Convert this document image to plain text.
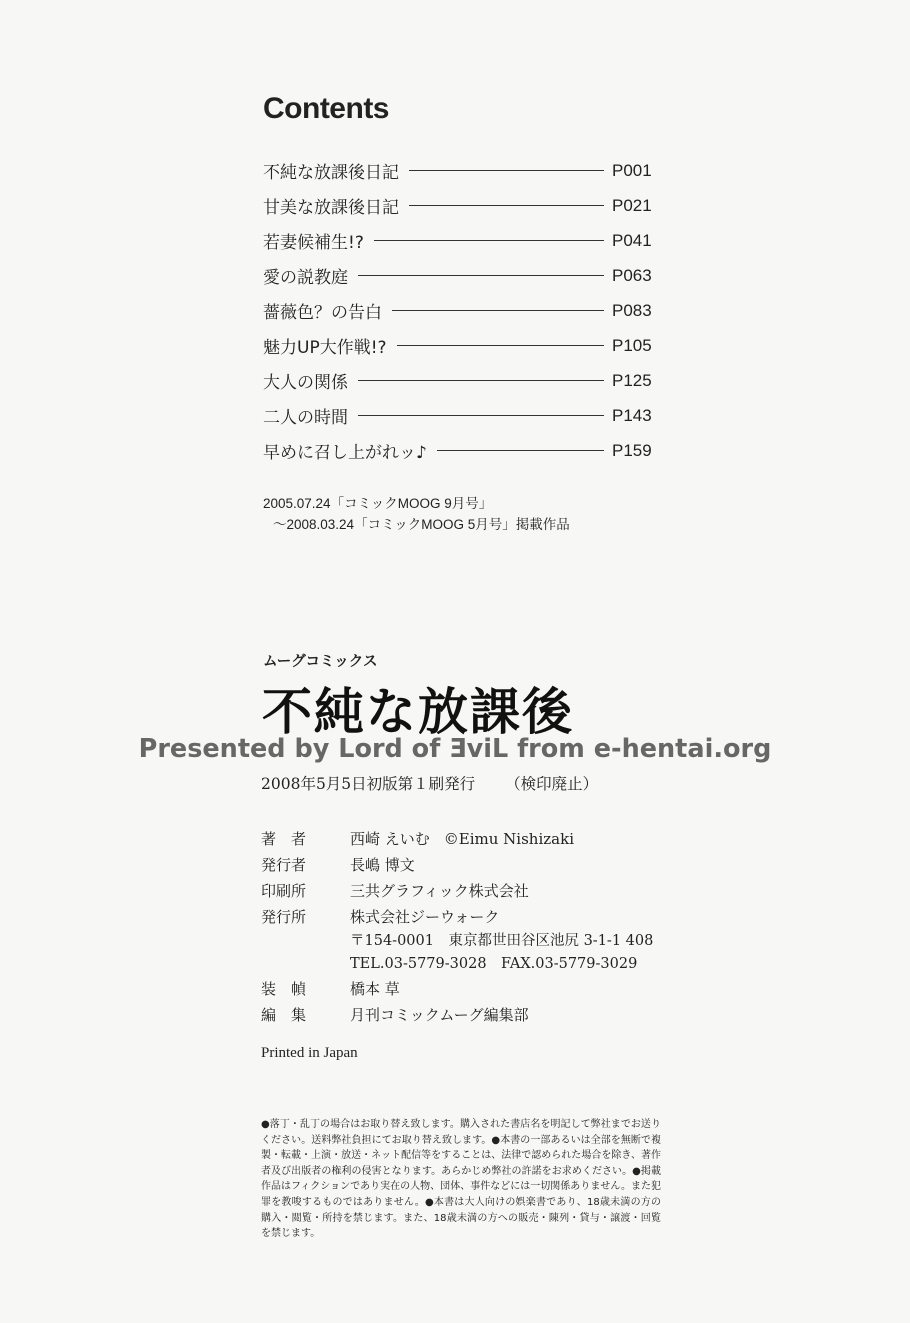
Contents
不純な放課後日記	P001
甘美な放課後日記	P021
若妻候補生!?	P041
愛の説教庭	P063
薔薇色？の告白	P083
魅力UP大作戦!?	P105
大人の関係	P125
二人の時間	P143
早めに召し上がれッ♪	P159
2005.07.24「コミックMOOG 9月号」
～2008.03.24「コミックMOOG 5月号」掲載作品
ムーグコミックス
不純な放課後
Presented by Lord of ƎviL from e-hentai.org
2008年5月5日初版第１刷発行 （検印廃止）
著　者	西崎 えいむ ©Eimu Nishizaki
発行者	長嶋 博文
印刷所	三共グラフィック株式会社
発行所	株式会社ジーウォーク
〒154-0001　東京都世田谷区池尻 3-1-1 408
TEL.03-5779-3028　FAX.03-5779-3029
装　幀	橋本 草
編　集	月刊コミックムーグ編集部
Printed in Japan
●落丁・乱丁の場合はお取り替え致します。購入された書店名を明記して弊社までお送りください。送料弊社負担にてお取り替え致します。●本書の一部あるいは全部を無断で複製・転載・上演・放送・ネット配信等をすることは、法律で認められた場合を除き、著作者及び出版者の権利の侵害となります。あらかじめ弊社の許諾をお求めください。●掲載作品はフィクションであり実在の人物、団体、事件などには一切関係ありません。また犯罪を教唆するものではありません。●本書は大人向けの娯楽書であり、18歳未満の方の購入・閲覧・所持を禁じます。また、18歳未満の方への販売・陳列・貸与・譲渡・回覧を禁じます。
